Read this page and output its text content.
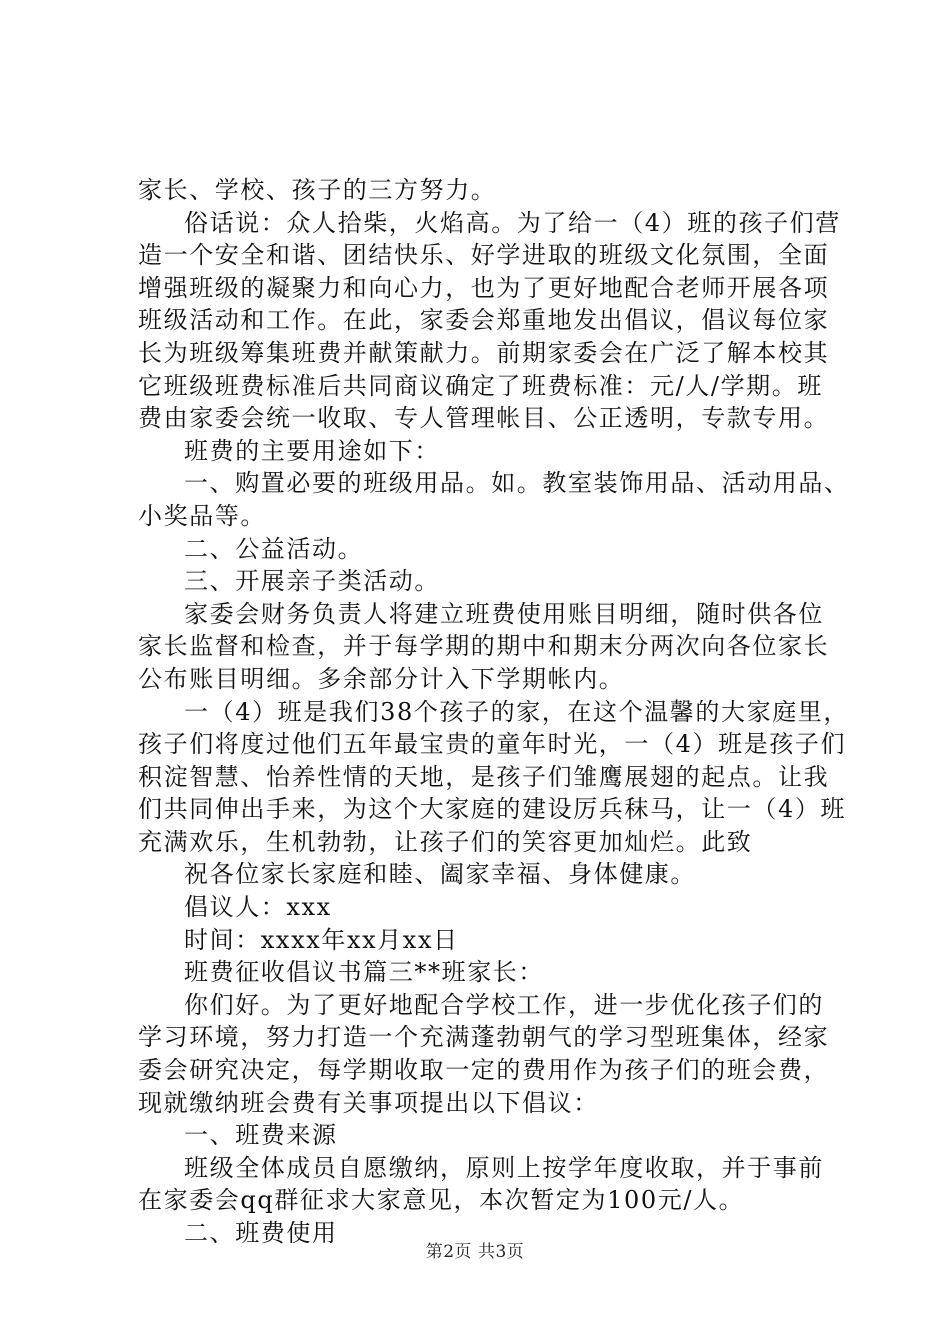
家长、学校、孩子的三方努力。

俗话说：众人拾柴，火焰高。为了给一（4）班的孩子们营

造一个安全和谐、团结快乐、好学进取的班级文化氛围，全面

增强班级的凝聚力和向心力，也为了更好地配合老师开展各项

班级活动和工作。在此，家委会郑重地发出倡议，倡议每位家

长为班级筹集班费并献策献力。前期家委会在广泛了解本校其

它班级班费标准后共同商议确定了班费标准：元/人/学期。班

费由家委会统一收取、专人管理帐目、公正透明，专款专用。

班费的主要用途如下：

一、购置必要的班级用品。如。教室装饰用品、活动用品、

小奖品等。

二、公益活动。

三、开展亲子类活动。

家委会财务负责人将建立班费使用账目明细，随时供各位

家长监督和检查，并于每学期的期中和期末分两次向各位家长

公布账目明细。多余部分计入下学期帐内。

一（4）班是我们38个孩子的家，在这个温馨的大家庭里，

孩子们将度过他们五年最宝贵的童年时光，一（4）班是孩子们

积淀智慧、怡养性情的天地，是孩子们雏鹰展翅的起点。让我

们共同伸出手来，为这个大家庭的建设厉兵秣马，让一（4）班

充满欢乐，生机勃勃，让孩子们的笑容更加灿烂。此致

祝各位家长家庭和睦、阖家幸福、身体健康。

倡议人：xxx

时间：xxxx年xx月xx日

班费征收倡议书篇三**班家长：

你们好。为了更好地配合学校工作，进一步优化孩子们的

学习环境，努力打造一个充满蓬勃朝气的学习型班集体，经家

委会研究决定，每学期收取一定的费用作为孩子们的班会费，

现就缴纳班会费有关事项提出以下倡议：

一、班费来源

班级全体成员自愿缴纳，原则上按学年度收取，并于事前

在家委会qq群征求大家意见，本次暂定为100元/人。

二、班费使用

第2页 共3页
